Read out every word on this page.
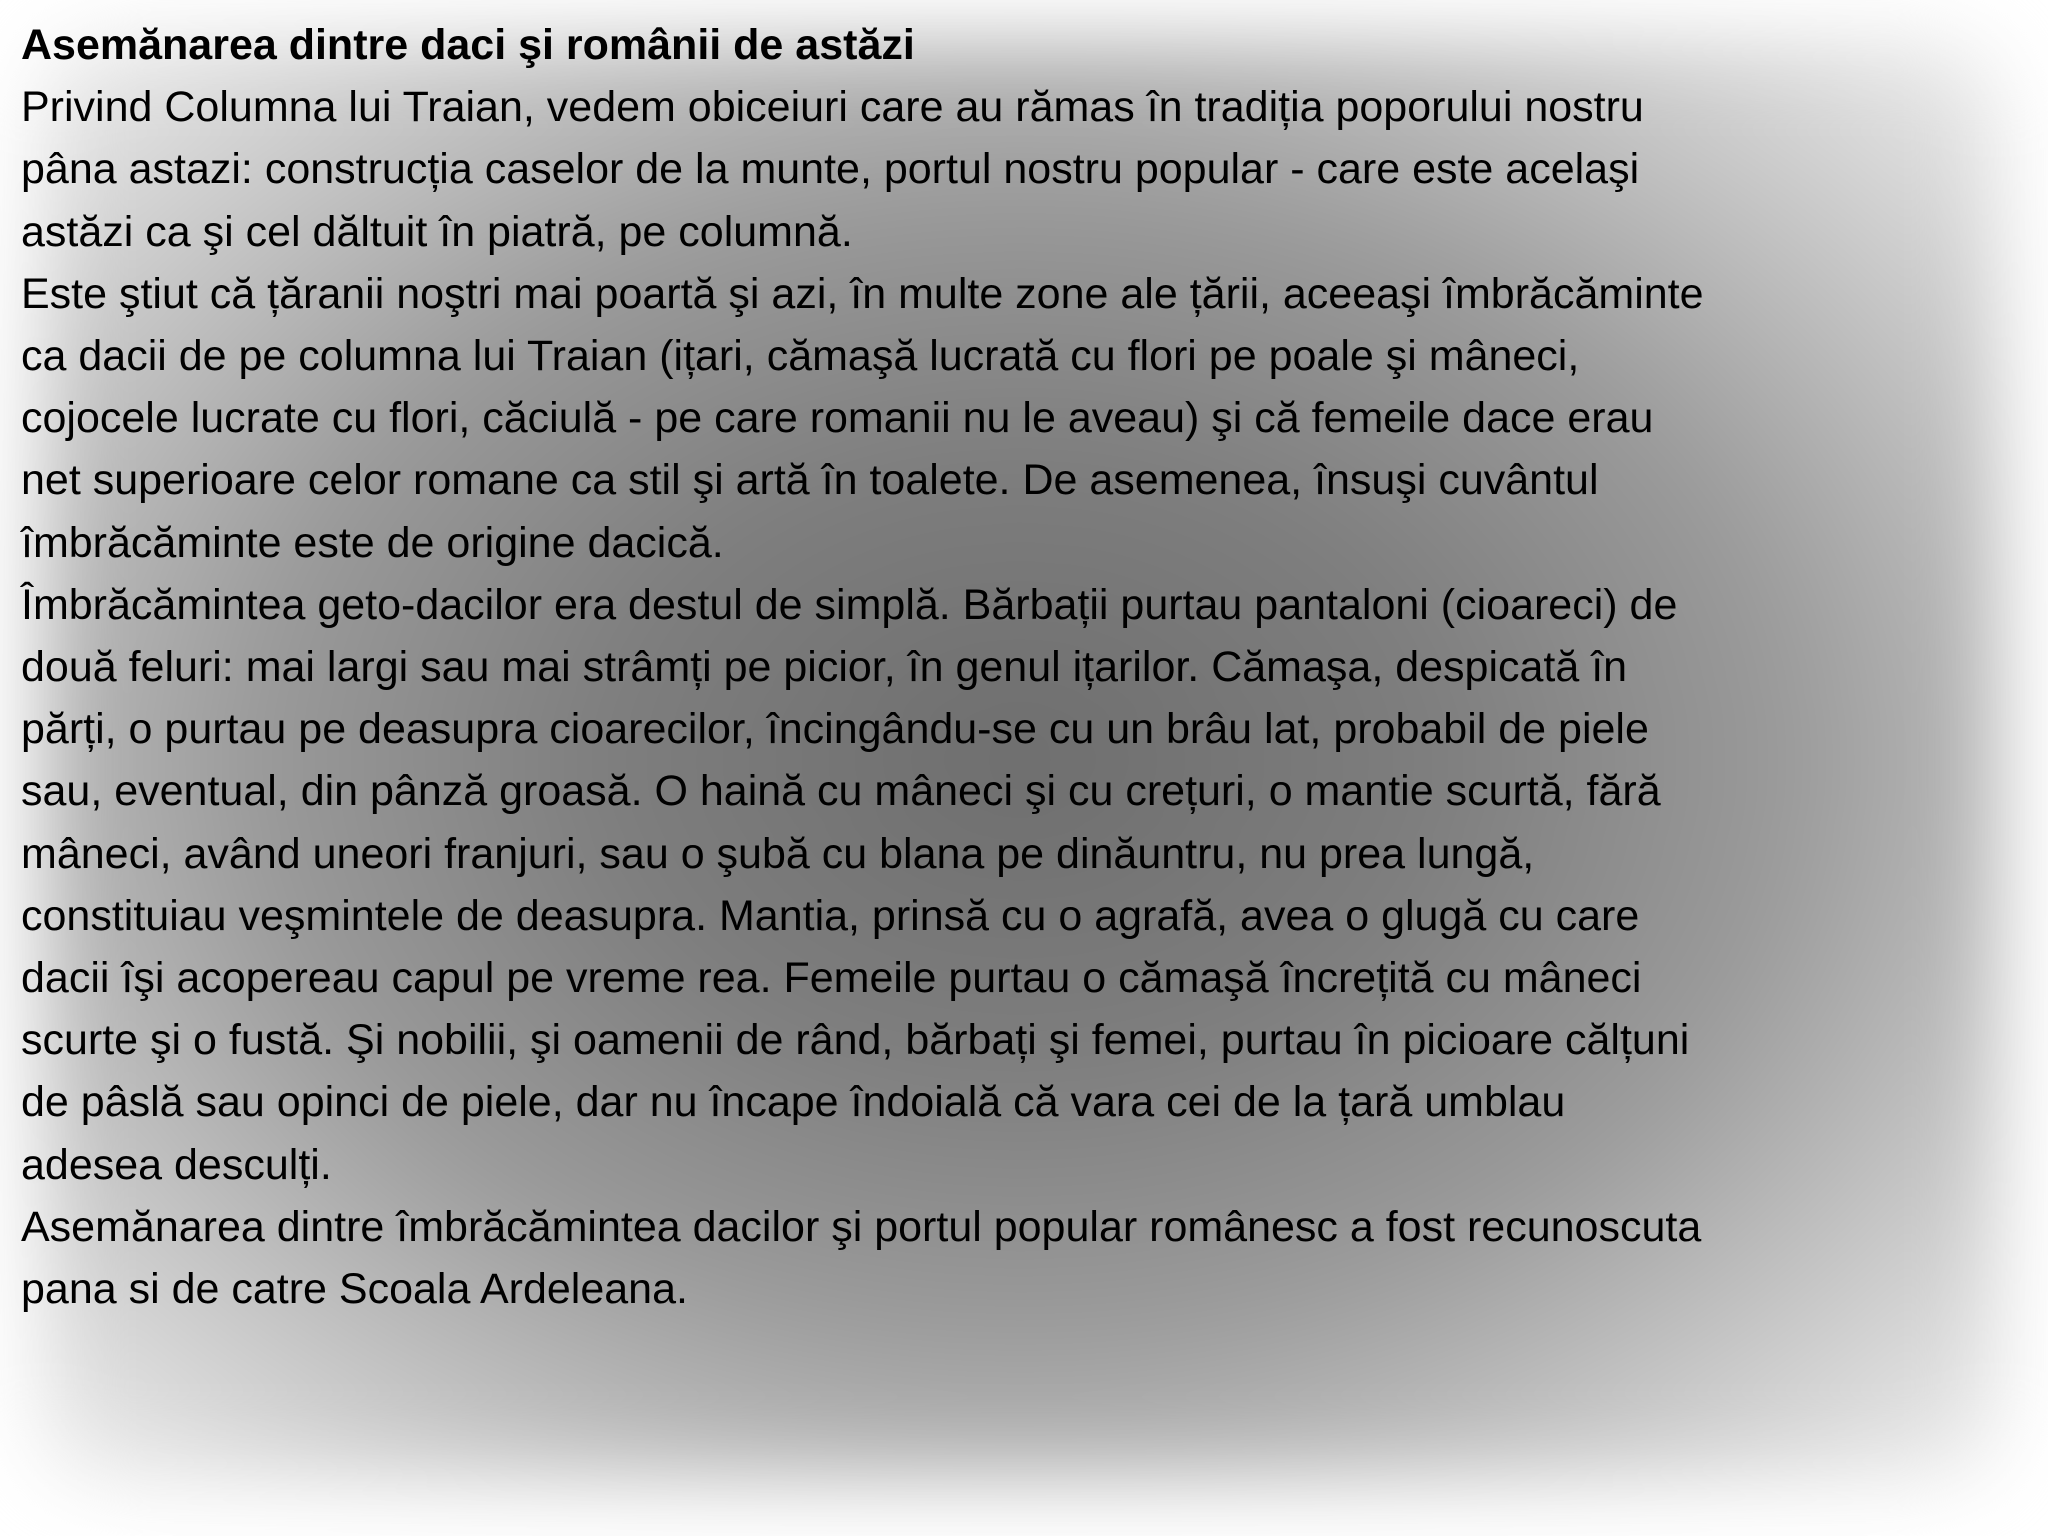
Asemănarea dintre daci şi românii de astăzi
Privind Columna lui Traian, vedem obiceiuri care au rămas în tradiția poporului nostru
pâna astazi: construcția caselor de la munte, portul nostru popular - care este acelaşi
astăzi ca şi cel dăltuit în piatră, pe columnă.
Este ştiut că țăranii noştri mai poartă şi azi, în multe zone ale țării, aceeaşi îmbrăcăminte
ca dacii de pe columna lui Traian (ițari, cămaşă lucrată cu flori pe poale şi mâneci,
cojocele lucrate cu flori, căciulă - pe care romanii nu le aveau) şi că femeile dace erau
net superioare celor romane ca stil şi artă în toalete. De asemenea, însuşi cuvântul
îmbrăcăminte este de origine dacică.
Îmbrăcămintea geto-dacilor era destul de simplă. Bărbații purtau pantaloni (cioareci) de
două feluri: mai largi sau mai strâmți pe picior, în genul ițarilor. Cămaşa, despicată în
părți, o purtau pe deasupra cioarecilor, încingându-se cu un brâu lat, probabil de piele
sau, eventual, din pânză groasă. O haină cu mâneci şi cu crețuri, o mantie scurtă, fără
mâneci, având uneori franjuri, sau o şubă cu blana pe dinăuntru, nu prea lungă,
constituiau veşmintele de deasupra. Mantia, prinsă cu o agrafă, avea o glugă cu care
dacii îşi acopereau capul pe vreme rea. Femeile purtau o cămaşă încrețită cu mâneci
scurte şi o fustă. Şi nobilii, şi oamenii de rând, bărbați şi femei, purtau în picioare călțuni
de pâslă sau opinci de piele, dar nu încape îndoială că vara cei de la țară umblau
adesea desculți.
Asemănarea dintre îmbrăcămintea dacilor şi portul popular românesc a fost recunoscuta
pana si de catre Scoala Ardeleana.
